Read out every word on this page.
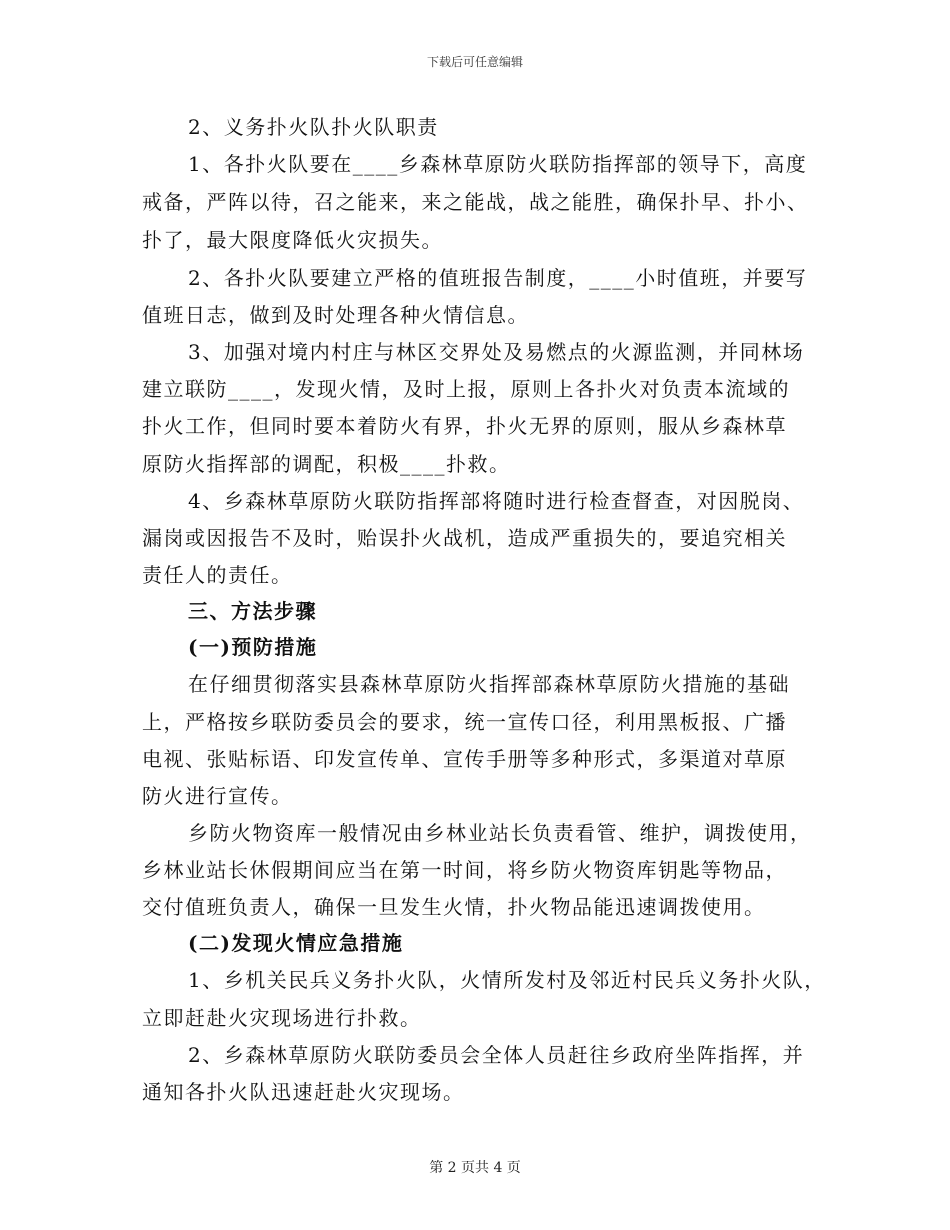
下载后可任意编辑
2、义务扑火队扑火队职责
1、各扑火队要在____乡森林草原防火联防指挥部的领导下，高度
戒备，严阵以待，召之能来，来之能战，战之能胜，确保扑早、扑小、
扑了，最大限度降低火灾损失。
2、各扑火队要建立严格的值班报告制度，____小时值班，并要写
值班日志，做到及时处理各种火情信息。
3、加强对境内村庄与林区交界处及易燃点的火源监测，并同林场
建立联防____，发现火情，及时上报，原则上各扑火对负责本流域的
扑火工作，但同时要本着防火有界，扑火无界的原则，服从乡森林草
原防火指挥部的调配，积极____扑救。
4、乡森林草原防火联防指挥部将随时进行检查督查，对因脱岗、
漏岗或因报告不及时，贻误扑火战机，造成严重损失的，要追究相关
责任人的责任。
三、方法步骤
(一)预防措施
在仔细贯彻落实县森林草原防火指挥部森林草原防火措施的基础
上，严格按乡联防委员会的要求，统一宣传口径，利用黑板报、广播
电视、张贴标语、印发宣传单、宣传手册等多种形式，多渠道对草原
防火进行宣传。
乡防火物资库一般情况由乡林业站长负责看管、维护，调拨使用，
乡林业站长休假期间应当在第一时间，将乡防火物资库钥匙等物品，
交付值班负责人，确保一旦发生火情，扑火物品能迅速调拨使用。
(二)发现火情应急措施
1、乡机关民兵义务扑火队，火情所发村及邻近村民兵义务扑火队，
立即赶赴火灾现场进行扑救。
2、乡森林草原防火联防委员会全体人员赶往乡政府坐阵指挥，并
通知各扑火队迅速赶赴火灾现场。
第 2 页共 4 页
